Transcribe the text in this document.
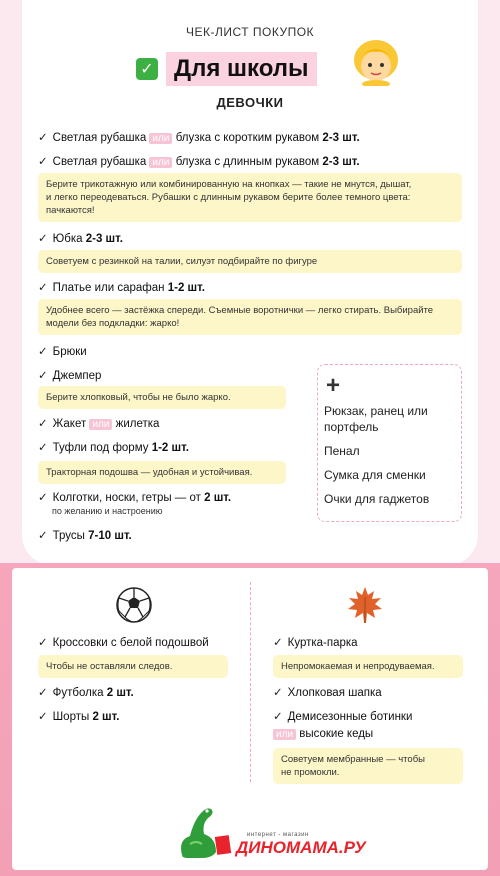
ЧЕК-ЛИСТ ПОКУПОК
✓ Для школы
ДЕВОЧКИ
✓ Светлая рубашка или блузка с коротким рукавом 2-3 шт.
✓ Светлая рубашка или блузка с длинным рукавом 2-3 шт.
Берите трикотажную или комбинированную на кнопках — такие не мнутся, дышат,
и легко переодеваться. Рубашки с длинным рукавом берите более темного цвета:
пачкаются!
✓ Юбка 2-3 шт.
Советуем с резинкой на талии, силуэт подбирайте по фигуре
✓ Платье или сарафан 1-2 шт.
Удобнее всего — застёжка спереди. Съемные воротнички — легко стирать. Выбирайте
модели без подкладки: жарко!
✓ Брюки
✓ Джемпер
Берите хлопковый, чтобы не было жарко.
✓ Жакет или жилетка
✓ Туфли под форму 1-2 шт.
Тракторная подошва — удобная и устойчивая.
✓ Колготки, носки, гетры — от 2 шт.
по желанию и настроению
✓ Трусы 7-10 шт.
+
Рюкзак, ранец или
портфель
Пенал
Сумка для сменки
Очки для гаджетов
✓ Кроссовки с белой подошвой
Чтобы не оставляли следов.
✓ Футболка 2 шт.
✓ Шорты 2 шт.
✓ Куртка-парка
Непромокаемая и непродуваемая.
✓ Хлопковая шапка
✓ Демисезонные ботинки
или высокие кеды
Советуем мембранные — чтобы
не промокли.
интернет - магазин
ДИНОМАМА.РУ
